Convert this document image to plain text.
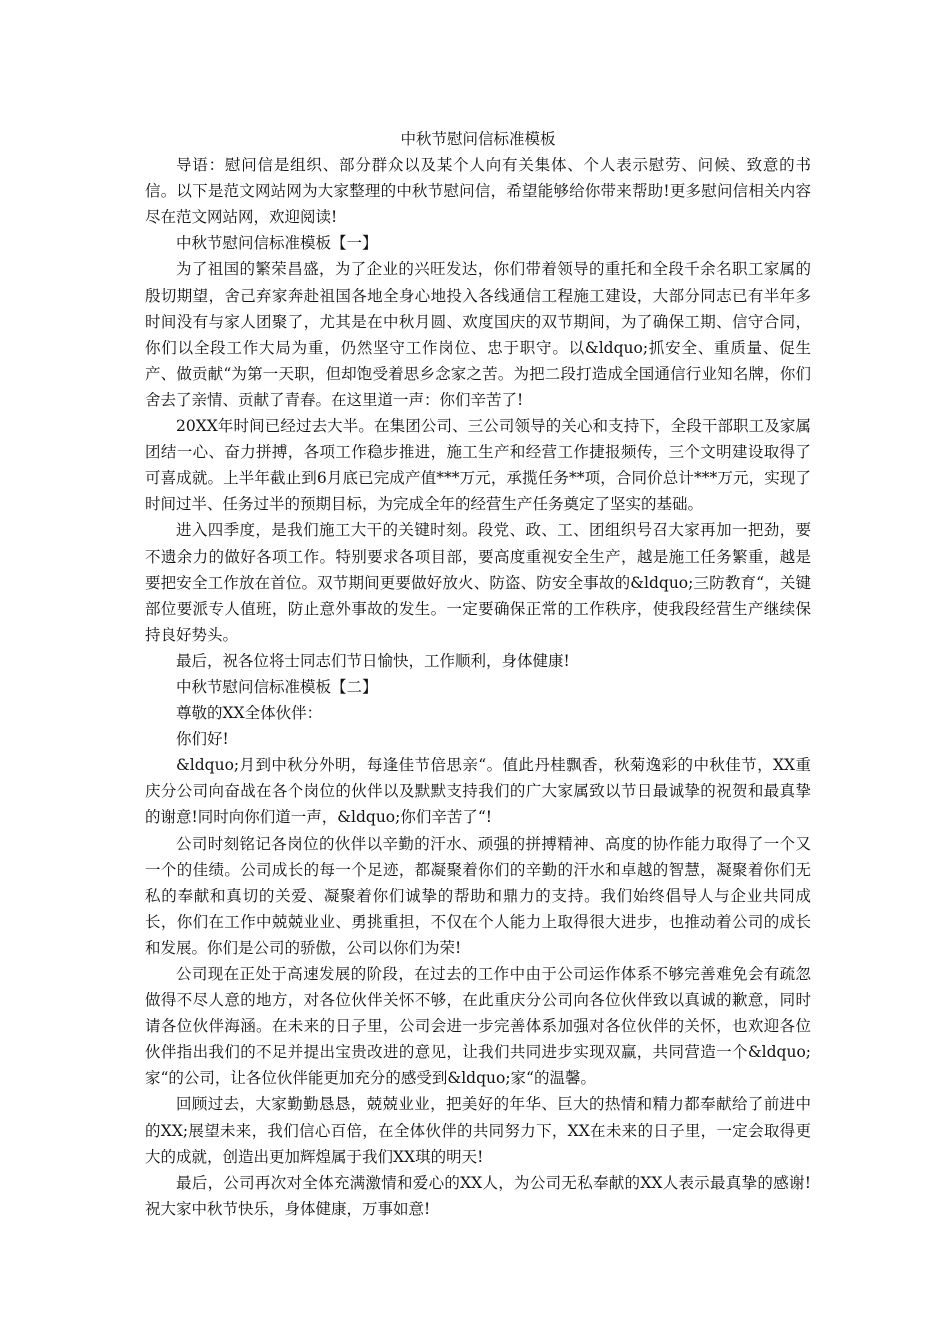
中秋节慰问信标准模板

导语：慰问信是组织、部分群众以及某个人向有关集体、个人表示慰劳、问候、致意的书信。以下是范文网站网为大家整理的中秋节慰问信，希望能够给你带来帮助!更多慰问信相关内容尽在范文网站网，欢迎阅读!

中秋节慰问信标准模板【一】

为了祖国的繁荣昌盛，为了企业的兴旺发达，你们带着领导的重托和全段千余名职工家属的殷切期望，舍己弃家奔赴祖国各地全身心地投入各线通信工程施工建设，大部分同志已有半年多时间没有与家人团聚了，尤其是在中秋月圆、欢度国庆的双节期间，为了确保工期、信守合同，你们以全段工作大局为重，仍然坚守工作岗位、忠于职守。以&ldquo;抓安全、重质量、促生产、做贡献“为第一天职，但却饱受着思乡念家之苦。为把二段打造成全国通信行业知名牌，你们舍去了亲情、贡献了青春。在这里道一声：你们辛苦了!

20XX年时间已经过去大半。在集团公司、三公司领导的关心和支持下，全段干部职工及家属团结一心、奋力拼搏，各项工作稳步推进，施工生产和经营工作捷报频传，三个文明建设取得了可喜成就。上半年截止到6月底已完成产值***万元，承揽任务**项，合同价总计***万元，实现了时间过半、任务过半的预期目标，为完成全年的经营生产任务奠定了坚实的基础。

进入四季度，是我们施工大干的关键时刻。段党、政、工、团组织号召大家再加一把劲，要不遗余力的做好各项工作。特别要求各项目部，要高度重视安全生产，越是施工任务繁重，越是要把安全工作放在首位。双节期间更要做好放火、防盗、防安全事故的&ldquo;三防教育“，关键部位要派专人值班，防止意外事故的发生。一定要确保正常的工作秩序，使我段经营生产继续保持良好势头。

最后，祝各位将士同志们节日愉快，工作顺利，身体健康!

中秋节慰问信标准模板【二】

尊敬的XX全体伙伴：

你们好!

&ldquo;月到中秋分外明，每逢佳节倍思亲“。值此丹桂飘香，秋菊逸彩的中秋佳节，XX重庆分公司向奋战在各个岗位的伙伴以及默默支持我们的广大家属致以节日最诚挚的祝贺和最真挚的谢意!同时向你们道一声，&ldquo;你们辛苦了“!

公司时刻铭记各岗位的伙伴以辛勤的汗水、顽强的拼搏精神、高度的协作能力取得了一个又一个的佳绩。公司成长的每一个足迹，都凝聚着你们的辛勤的汗水和卓越的智慧，凝聚着你们无私的奉献和真切的关爱、凝聚着你们诚挚的帮助和鼎力的支持。我们始终倡导人与企业共同成长，你们在工作中兢兢业业、勇挑重担，不仅在个人能力上取得很大进步，也推动着公司的成长和发展。你们是公司的骄傲，公司以你们为荣!

公司现在正处于高速发展的阶段，在过去的工作中由于公司运作体系不够完善难免会有疏忽做得不尽人意的地方，对各位伙伴关怀不够，在此重庆分公司向各位伙伴致以真诚的歉意，同时请各位伙伴海涵。在未来的日子里，公司会进一步完善体系加强对各位伙伴的关怀，也欢迎各位伙伴指出我们的不足并提出宝贵改进的意见，让我们共同进步实现双赢，共同营造一个&ldquo;家“的公司，让各位伙伴能更加充分的感受到&ldquo;家“的温馨。

回顾过去，大家勤勤恳恳，兢兢业业，把美好的年华、巨大的热情和精力都奉献给了前进中的XX;展望未来，我们信心百倍，在全体伙伴的共同努力下，XX在未来的日子里，一定会取得更大的成就，创造出更加辉煌属于我们XX琪的明天!

最后，公司再次对全体充满激情和爱心的XX人，为公司无私奉献的XX人表示最真挚的感谢!祝大家中秋节快乐，身体健康，万事如意!
